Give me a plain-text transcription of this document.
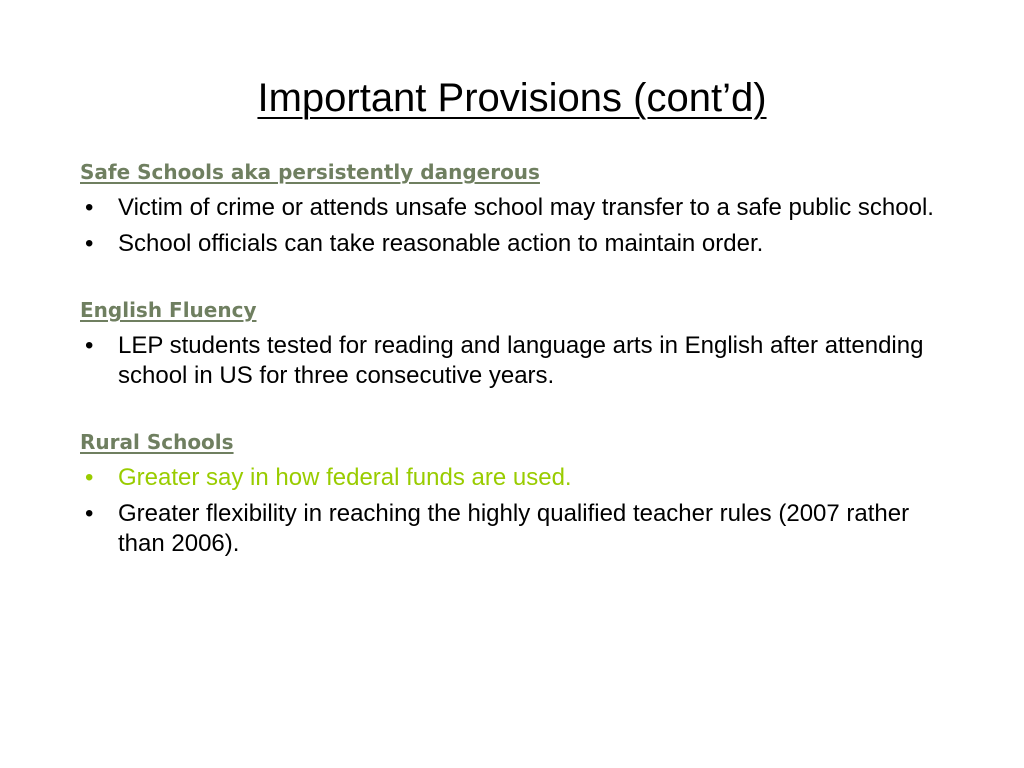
Important Provisions (cont’d)
Safe Schools aka persistently dangerous
• Victim of crime or attends unsafe school may transfer to a safe public school.
• School officials can take reasonable action to maintain order.
English Fluency
• LEP students tested for reading and language arts in English after attending school in US for three consecutive years.
Rural Schools
• Greater say in how federal funds are used.
• Greater flexibility in reaching the highly qualified teacher rules (2007 rather than 2006).
